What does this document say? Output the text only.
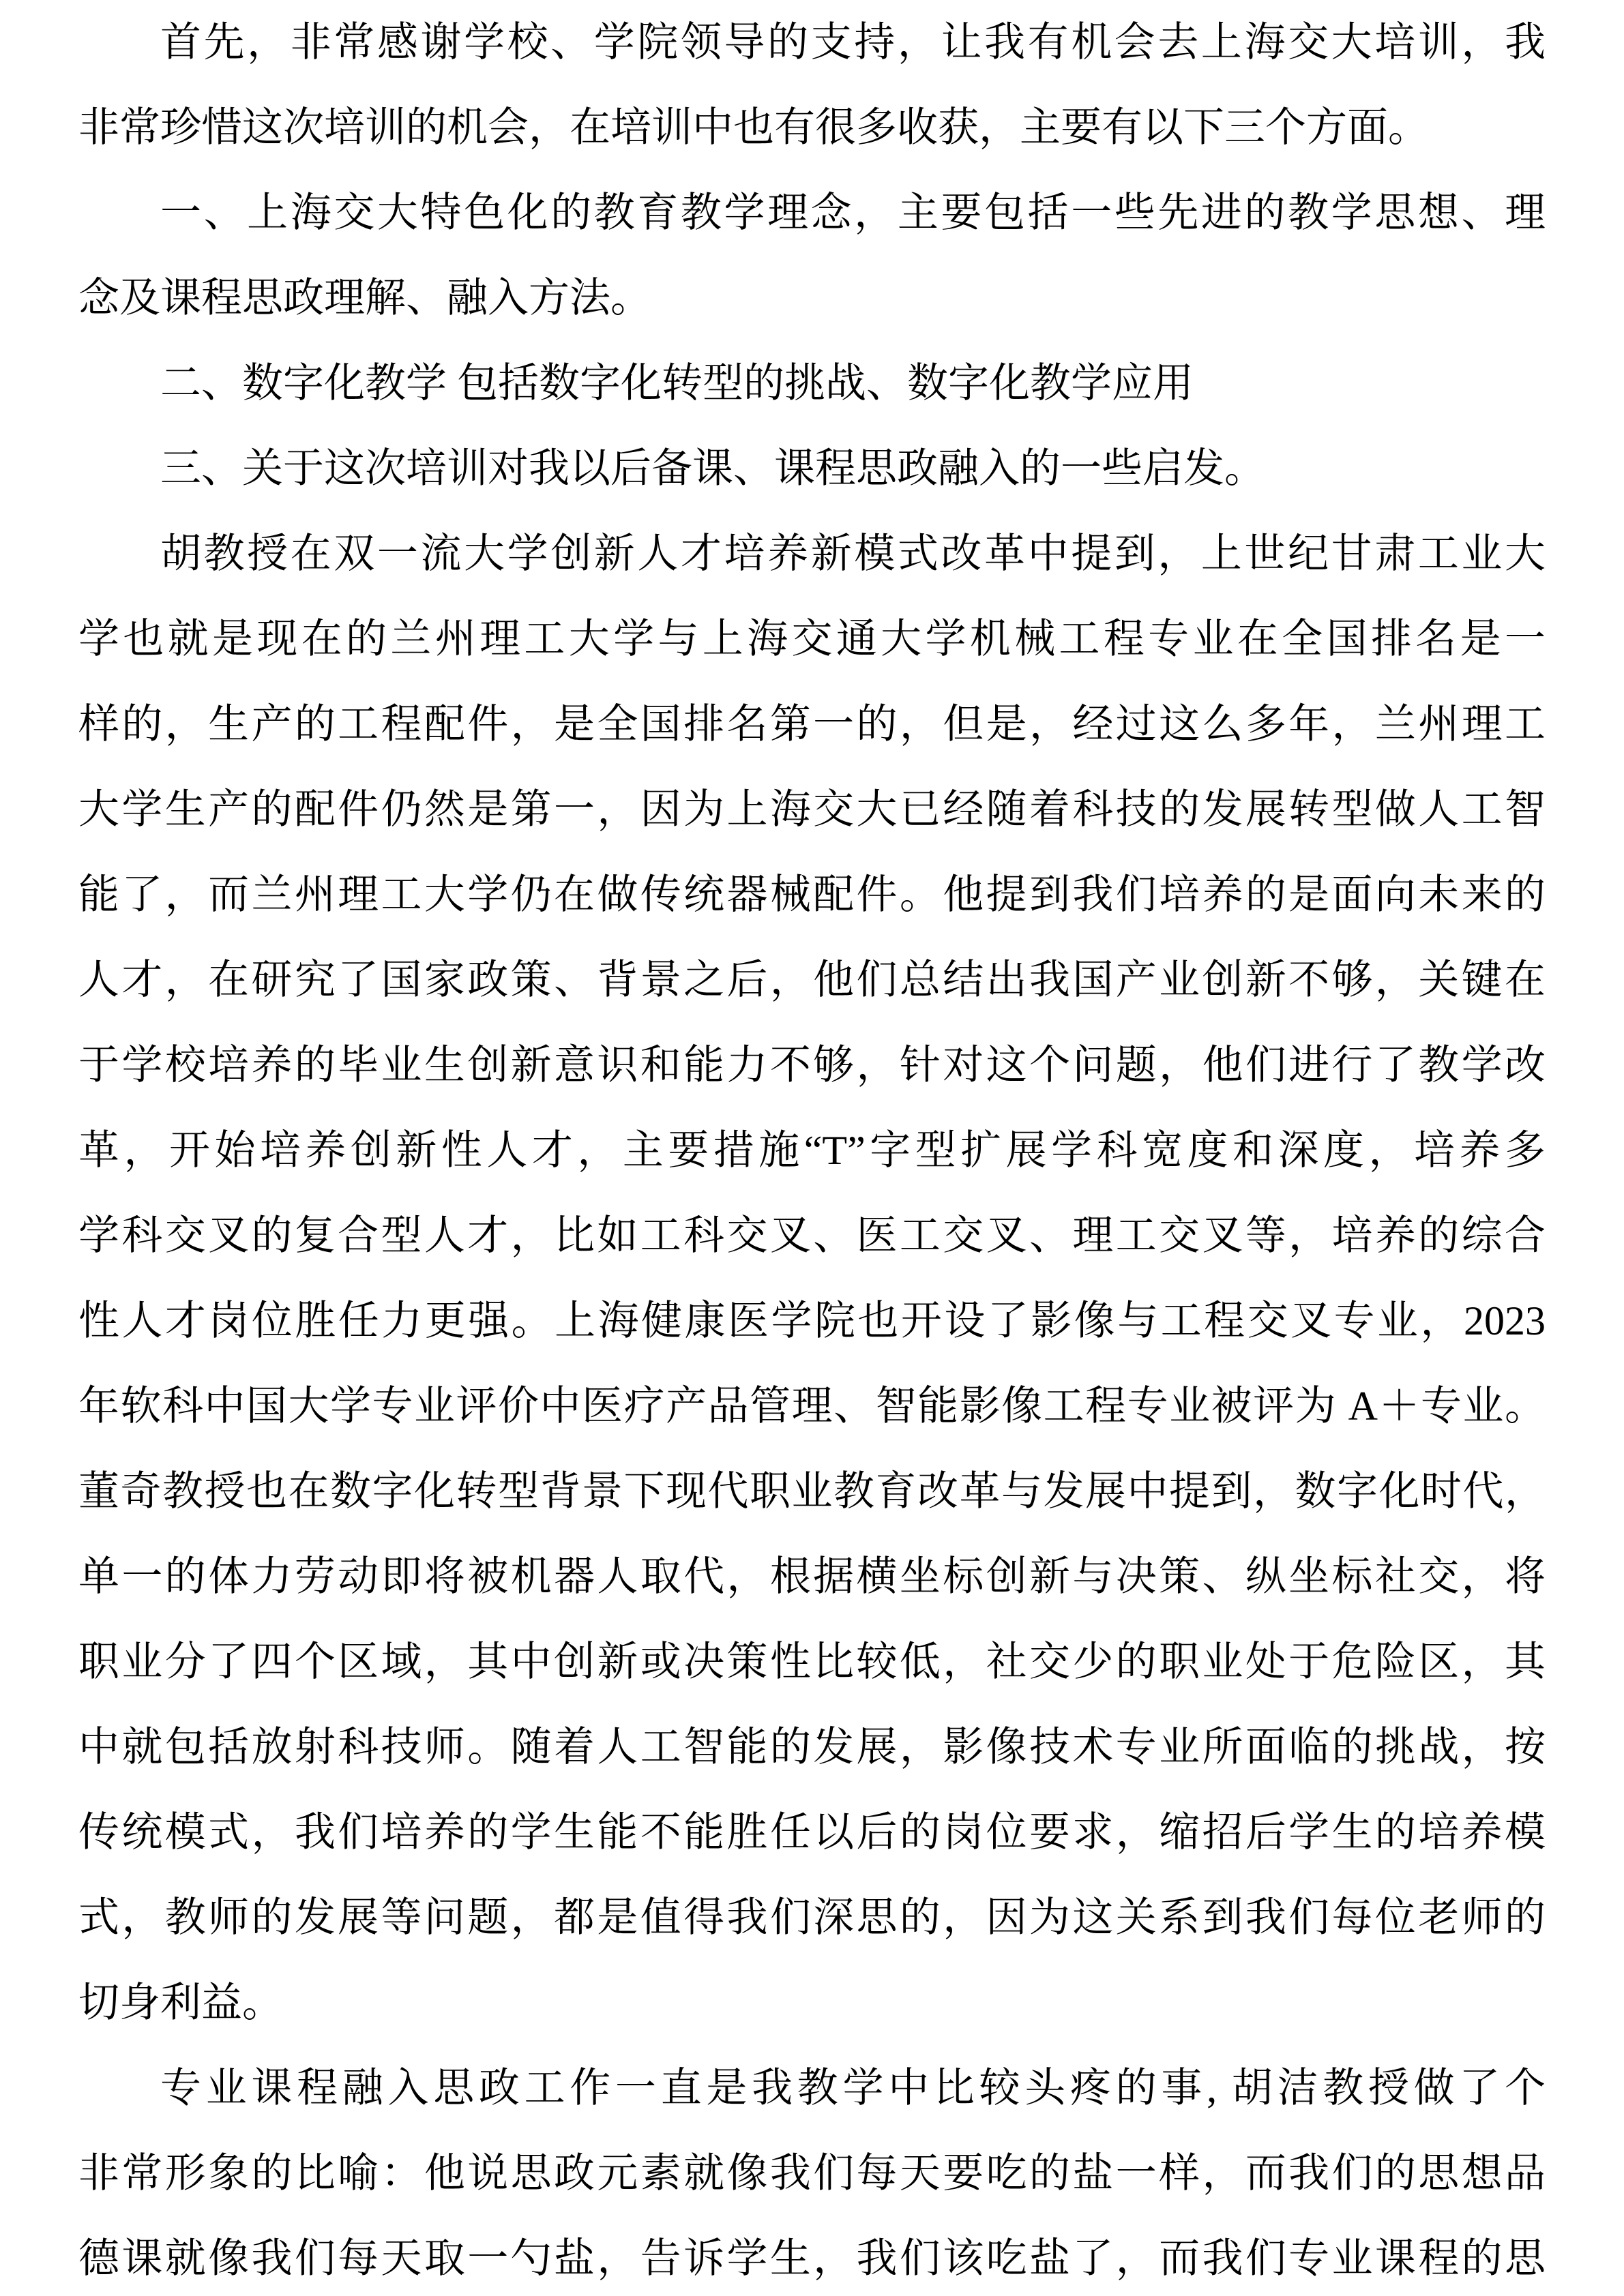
首先，非常感谢学校、学院领导的支持，让我有机会去上海交大培训，我
非常珍惜这次培训的机会，在培训中也有很多收获，主要有以下三个方面。
一、上海交大特色化的教育教学理念，主要包括一些先进的教学思想、理
念及课程思政理解、融入方法。
二、数字化教学 包括数字化转型的挑战、数字化教学应用
三、关于这次培训对我以后备课、课程思政融入的一些启发。
胡教授在双一流大学创新人才培养新模式改革中提到，上世纪甘肃工业大
学也就是现在的兰州理工大学与上海交通大学机械工程专业在全国排名是一
样的，生产的工程配件，是全国排名第一的，但是，经过这么多年，兰州理工
大学生产的配件仍然是第一，因为上海交大已经随着科技的发展转型做人工智
能了，而兰州理工大学仍在做传统器械配件。他提到我们培养的是面向未来的
人才，在研究了国家政策、背景之后，他们总结出我国产业创新不够，关键在
于学校培养的毕业生创新意识和能力不够，针对这个问题，他们进行了教学改
革，开始培养创新性人才，主要措施“T”字型扩展学科宽度和深度，培养多
学科交叉的复合型人才，比如工科交叉、医工交叉、理工交叉等，培养的综合
性人才岗位胜任力更强。上海健康医学院也开设了影像与工程交叉专业，2023
年软科中国大学专业评价中医疗产品管理、智能影像工程专业被评为 A＋专业。
董奇教授也在数字化转型背景下现代职业教育改革与发展中提到，数字化时代，
单一的体力劳动即将被机器人取代，根据横坐标创新与决策、纵坐标社交，将
职业分了四个区域，其中创新或决策性比较低，社交少的职业处于危险区，其
中就包括放射科技师。随着人工智能的发展，影像技术专业所面临的挑战，按
传统模式，我们培养的学生能不能胜任以后的岗位要求，缩招后学生的培养模
式，教师的发展等问题，都是值得我们深思的，因为这关系到我们每位老师的
切身利益。
专业课程融入思政工作一直是我教学中比较头疼的事, 胡洁教授做了个
非常形象的比喻：他说思政元素就像我们每天要吃的盐一样，而我们的思想品
德课就像我们每天取一勺盐，告诉学生，我们该吃盐了，而我们专业课程的思
